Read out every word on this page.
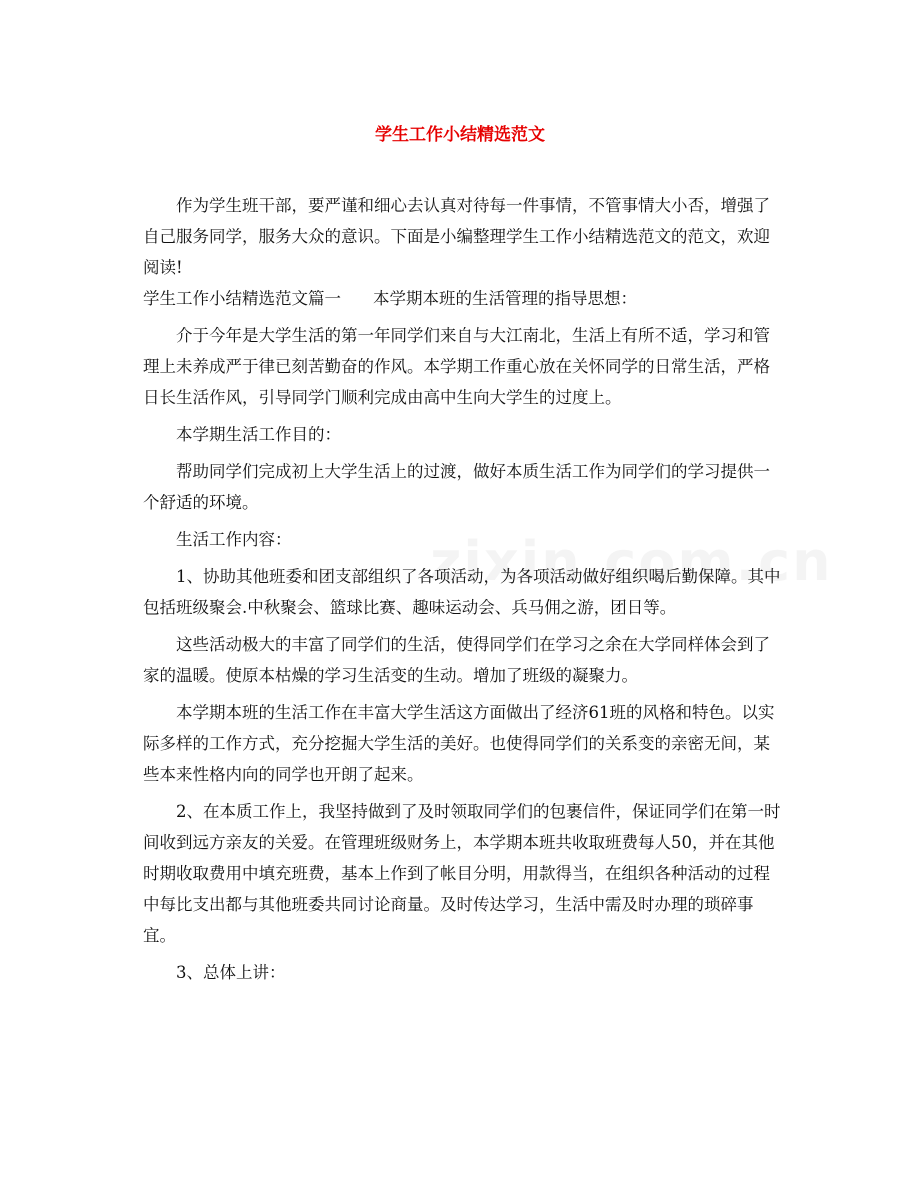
学生工作小结精选范文

作为学生班干部，要严谨和细心去认真对待每一件事情，不管事情大小否，增强了自己服务同学，服务大众的意识。下面是小编整理学生工作小结精选范文的范文，欢迎阅读!

学生工作小结精选范文篇一 本学期本班的生活管理的指导思想：

介于今年是大学生活的第一年同学们来自与大江南北，生活上有所不适，学习和管理上未养成严于律已刻苦勤奋的作风。本学期工作重心放在关怀同学的日常生活，严格日长生活作风，引导同学门顺利完成由高中生向大学生的过度上。

本学期生活工作目的：

帮助同学们完成初上大学生活上的过渡，做好本质生活工作为同学们的学习提供一个舒适的环境。

生活工作内容：

1、协助其他班委和团支部组织了各项活动，为各项活动做好组织喝后勤保障。其中包括班级聚会.中秋聚会、篮球比赛、趣味运动会、兵马佣之游，团日等。

这些活动极大的丰富了同学们的生活，使得同学们在学习之余在大学同样体会到了家的温暖。使原本枯燥的学习生活变的生动。增加了班级的凝聚力。

本学期本班的生活工作在丰富大学生活这方面做出了经济61班的风格和特色。以实际多样的工作方式，充分挖掘大学生活的美好。也使得同学们的关系变的亲密无间，某些本来性格内向的同学也开朗了起来。

2、在本质工作上，我坚持做到了及时领取同学们的包裹信件，保证同学们在第一时间收到远方亲友的关爱。在管理班级财务上，本学期本班共收取班费每人50，并在其他时期收取费用中填充班费，基本上作到了帐目分明，用款得当，在组织各种活动的过程中每比支出都与其他班委共同讨论商量。及时传达学习，生活中需及时办理的琐碎事宜。

3、总体上讲：
